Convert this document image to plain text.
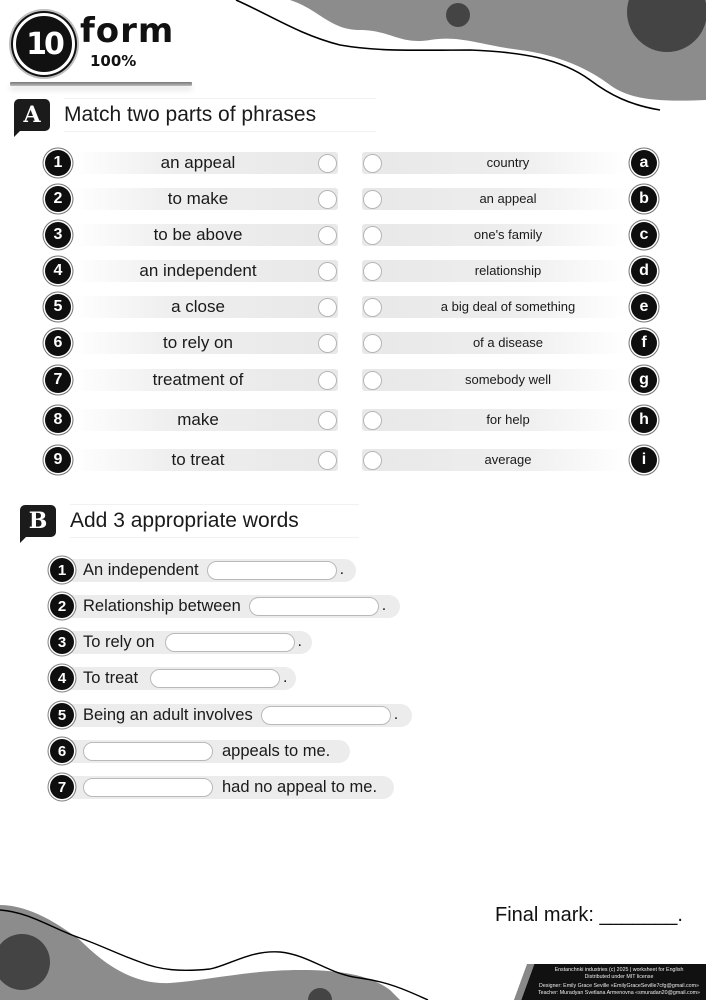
10 form
100%
A	Match two parts of phrases
1	an appeal	country	a
2	to make	an appeal	b
3	to be above	one's family	c
4	an independent	relationship	d
5	a close	a big deal of something	e
6	to rely on	of a disease	f
7	treatment of	somebody well	g
8	make	for help	h
9	to treat	average	i
B	Add 3 appropriate words
1	An independent	.
2	Relationship between	.
3	To rely on	.
4	To treat	.
5	Being an adult involves	.
6	appeals to me.
7	had no appeal to me.
Final mark: _______.
Enstanchnki industries (c) 2025 | worksheet for English
Distributed under MIT license
Designer: Emily Grace Seville «EmilyGraceSeville7cfg@gmail.com»
Teacher: Muradyan Svetlana Armenovna «smuradan20@gmail.com»
